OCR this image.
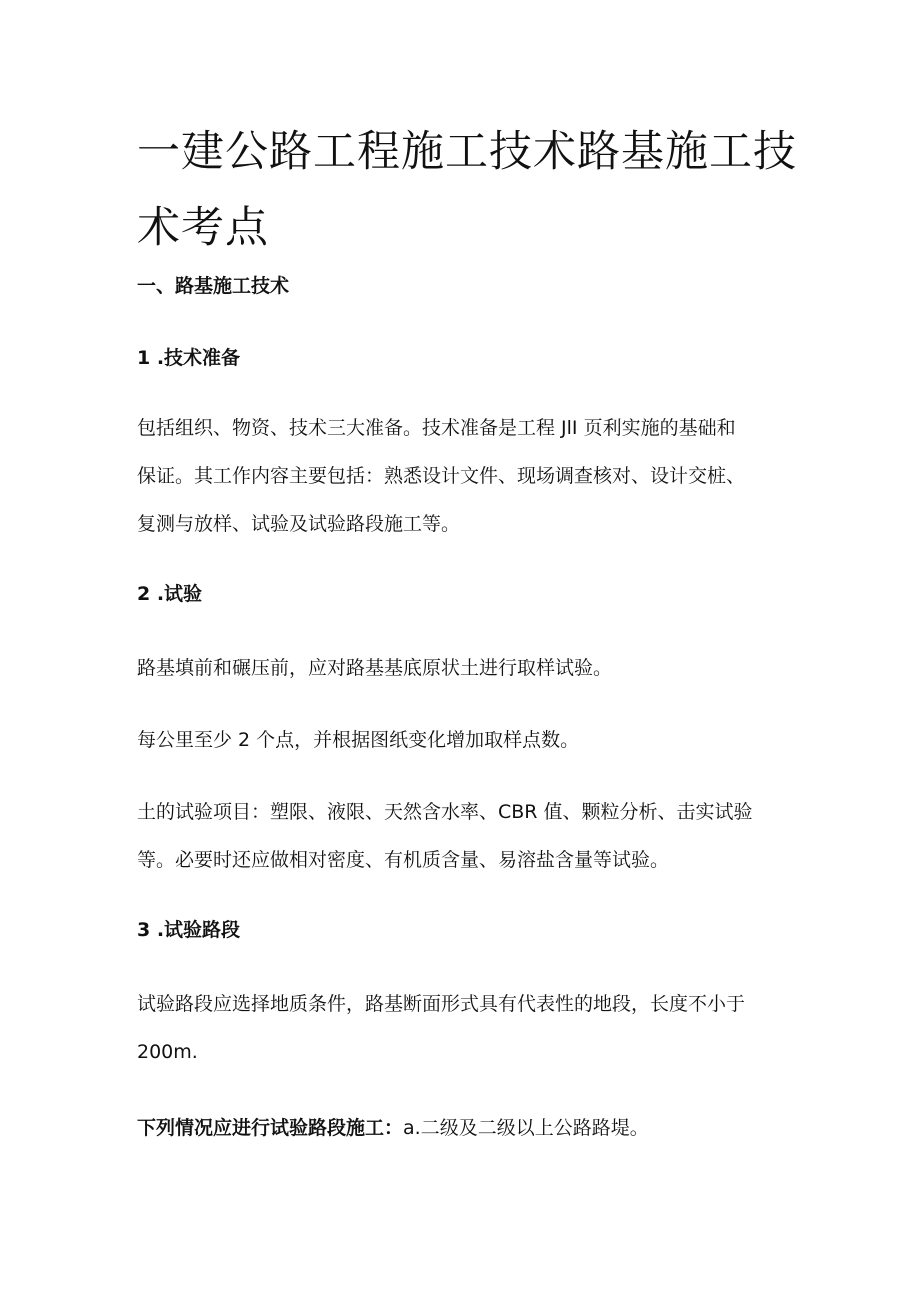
一建公路工程施工技术路基施工技
术考点
一、路基施工技术
1 .技术准备

包括组织、物资、技术三大准备。技术准备是工程 JlI 页利实施的基础和

保证。其工作内容主要包括：熟悉设计文件、现场调查核对、设计交桩、

复测与放样、试验及试验路段施工等。

2 .试验

路基填前和碾压前，应对路基基底原状土进行取样试验。

每公里至少 2 个点，并根据图纸变化增加取样点数。

土的试验项目：塑限、液限、天然含水率、CBR 值、颗粒分析、击实试验

等。必要时还应做相对密度、有机质含量、易溶盐含量等试验。

3 .试验路段

试验路段应选择地质条件，路基断面形式具有代表性的地段，长度不小于

200m.

下列情况应进行试验路段施工：a.二级及二级以上公路路堤。
